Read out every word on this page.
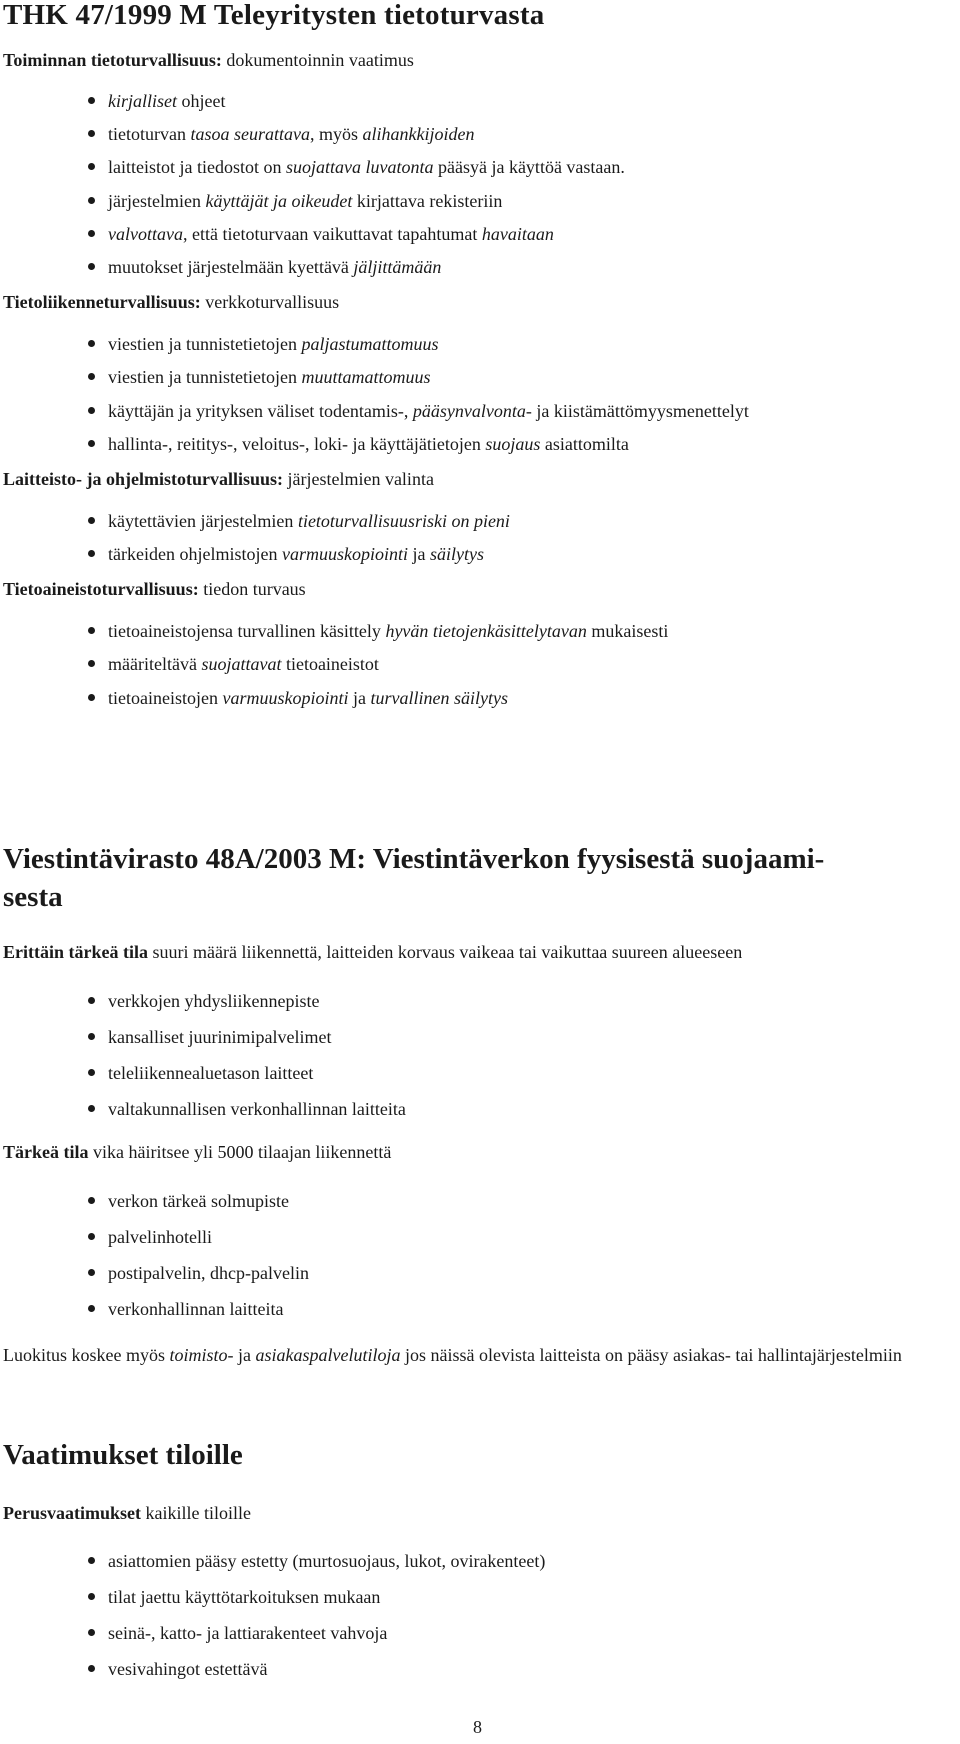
THK 47/1999 M Teleyritysten tietoturvasta
Toiminnan tietoturvallisuus: dokumentoinnin vaatimus
kirjalliset ohjeet
tietoturvan tasoa seurattava, myös alihankkijoiden
laitteistot ja tiedostot on suojattava luvatonta pääsyä ja käyttöä vastaan.
järjestelmien käyttäjät ja oikeudet kirjattava rekisteriin
valvottava, että tietoturvaan vaikuttavat tapahtumat havaitaan
muutokset järjestelmään kyettävä jäljittämään
Tietoliikenneturvallisuus: verkkoturvallisuus
viestien ja tunnistetietojen paljastumattomuus
viestien ja tunnistetietojen muuttamattomuus
käyttäjän ja yrityksen väliset todentamis-, pääsynvalvonta- ja kiistämättömyysmenettelyt
hallinta-, reititys-, veloitus-, loki- ja käyttäjätietojen suojaus asiattomilta
Laitteisto- ja ohjelmistoturvallisuus: järjestelmien valinta
käytettävien järjestelmien tietoturvallisuusriski on pieni
tärkeiden ohjelmistojen varmuuskopiointi ja säilytys
Tietoaineistoturvallisuus: tiedon turvaus
tietoaineistojensa turvallinen käsittely hyvän tietojenkäsittelytavan mukaisesti
määriteltävä suojattavat tietoaineistot
tietoaineistojen varmuuskopiointi ja turvallinen säilytys
Viestintävirasto 48A/2003 M: Viestintäverkon fyysisestä suojaami-
sesta
Erittäin tärkeä tila suuri määrä liikennettä, laitteiden korvaus vaikeaa tai vaikuttaa suureen alueeseen
verkkojen yhdysliikennepiste
kansalliset juurinimipalvelimet
teleliikennealuetason laitteet
valtakunnallisen verkonhallinnan laitteita
Tärkeä tila vika häiritsee yli 5000 tilaajan liikennettä
verkon tärkeä solmupiste
palvelinhotelli
postipalvelin, dhcp-palvelin
verkonhallinnan laitteita
Luokitus koskee myös toimisto- ja asiakaspalvelutiloja jos näissä olevista laitteista on pääsy asiakas- tai hallintajärjestelmiin
Vaatimukset tiloille
Perusvaatimukset kaikille tiloille
asiattomien pääsy estetty (murtosuojaus, lukot, ovirakenteet)
tilat jaettu käyttötarkoituksen mukaan
seinä-, katto- ja lattiarakenteet vahvoja
vesivahingot estettävä
8
